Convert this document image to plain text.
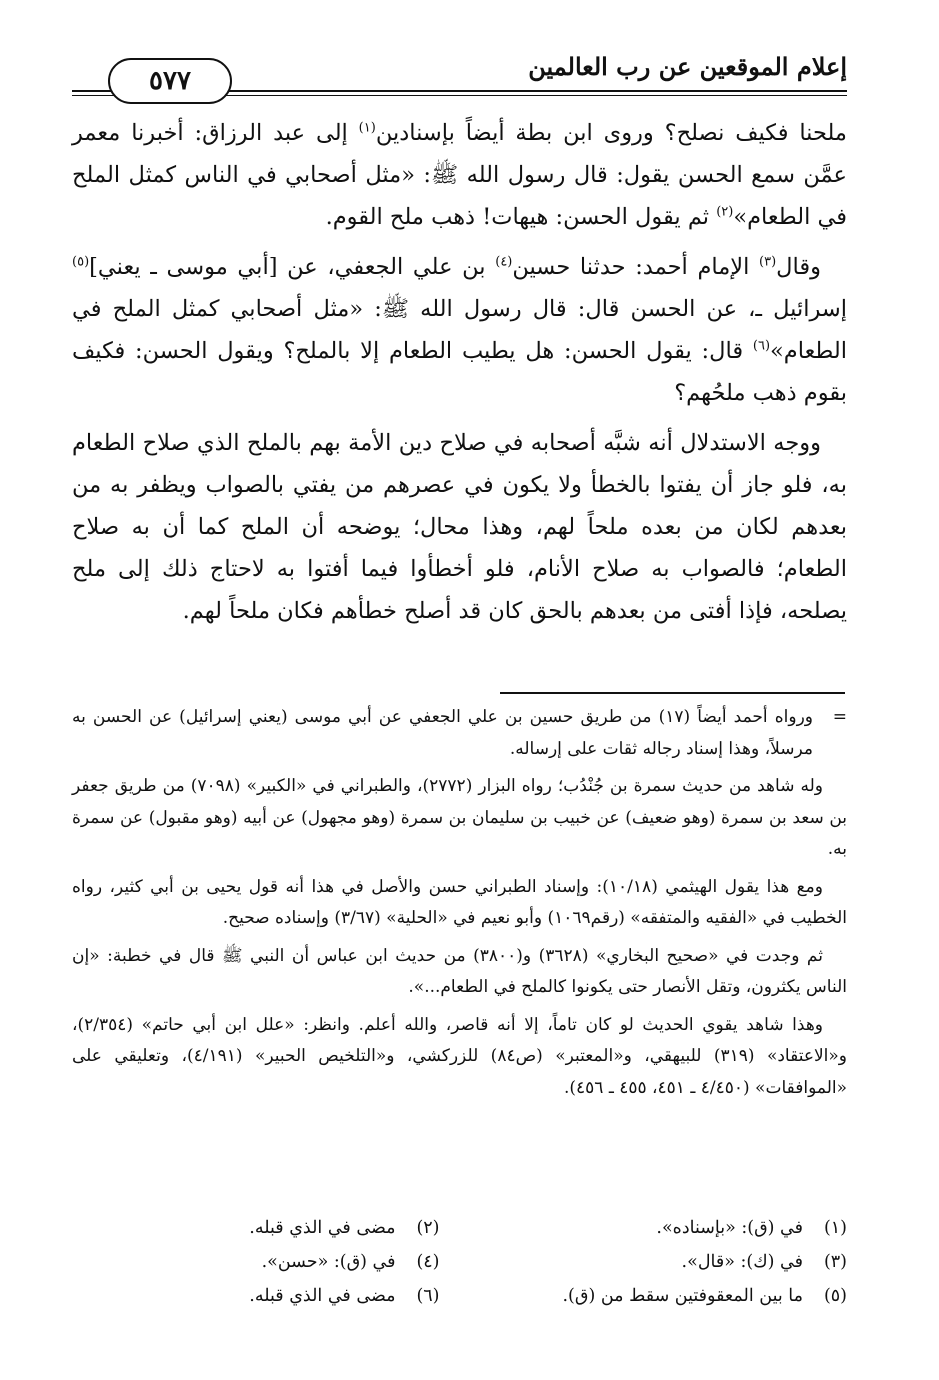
إعلام الموقعين عن رب العالمين
٥٧٧

ملحنا فكيف نصلح؟ وروى ابن بطة أيضاً بإسنادين$^{(١)}$ إلى عبد الرزاق: أخبرنا معمر عمَّن سمع الحسن يقول: قال رسول الله ﷺ: «مثل أصحابي في الناس كمثل الملح في الطعام»$^{(٢)}$ ثم يقول الحسن: هيهات! ذهب ملح القوم.

وقال$^{(٣)}$ الإمام أحمد: حدثنا حسين$^{(٤)}$ بن علي الجعفي، عن [أبي موسى ـ يعني]$^{(٥)}$ إسرائيل ـ، عن الحسن قال: قال رسول الله ﷺ: «مثل أصحابي كمثل الملح في الطعام»$^{(٦)}$ قال: يقول الحسن: هل يطيب الطعام إلا بالملح؟ ويقول الحسن: فكيف بقوم ذهب ملحُهم؟

ووجه الاستدلال أنه شبَّه أصحابه في صلاح دين الأمة بهم بالملح الذي صلاح الطعام به، فلو جاز أن يفتوا بالخطأ ولا يكون في عصرهم من يفتي بالصواب ويظفر به من بعدهم لكان من بعده ملحاً لهم، وهذا محال؛ يوضحه أن الملح كما أن به صلاح الطعام؛ فالصواب به صلاح الأنام، فلو أخطأوا فيما أفتوا به لاحتاج ذلك إلى ملح يصلحه، فإذا أفتى من بعدهم بالحق كان قد أصلح خطأهم فكان ملحاً لهم.

=
ورواه أحمد أيضاً (١٧) من طريق حسين بن علي الجعفي عن أبي موسى (يعني إسرائيل) عن الحسن به مرسلاً، وهذا إسناد رجاله ثقات على إرساله.

وله شاهد من حديث سمرة بن جُنْدُب؛ رواه البزار (٢٧٧٢)، والطبراني في «الكبير» (٧٠٩٨) من طريق جعفر بن سعد بن سمرة (وهو ضعيف) عن خبيب بن سليمان بن سمرة (وهو مجهول) عن أبيه (وهو مقبول) عن سمرة به.

ومع هذا يقول الهيثمي (١٠/١٨): وإسناد الطبراني حسن والأصل في هذا أنه قول يحيى بن أبي كثير، رواه الخطيب في «الفقيه والمتفقه» (رقم١٠٦٩) وأبو نعيم في «الحلية» (٣/٦٧) وإسناده صحيح.

ثم وجدت في «صحيح البخاري» (٣٦٢٨) و(٣٨٠٠) من حديث ابن عباس أن النبي ﷺ قال في خطبة: «إن الناس يكثرون، وتقل الأنصار حتى يكونوا كالملح في الطعام...».

وهذا شاهد يقوي الحديث لو كان تاماً، إلا أنه قاصر، والله أعلم. وانظر: «علل ابن أبي حاتم» (٢/٣٥٤)، و«الاعتقاد» (٣١٩) للبيهقي، و«المعتبر» (ص٨٤) للزركشي، و«التلخيص الحبير» (٤/١٩١)، وتعليقي على «الموافقات» (٤/٤٥٠ ـ ٤٥١، ٤٥٥ ـ ٤٥٦).

(١)
في (ق): «بإسناده».
(٢)
مضى في الذي قبله.
(٣)
في (ك): «قال».
(٤)
في (ق): «حسن».
(٥)
ما بين المعقوفتين سقط من (ق).
(٦)
مضى في الذي قبله.
